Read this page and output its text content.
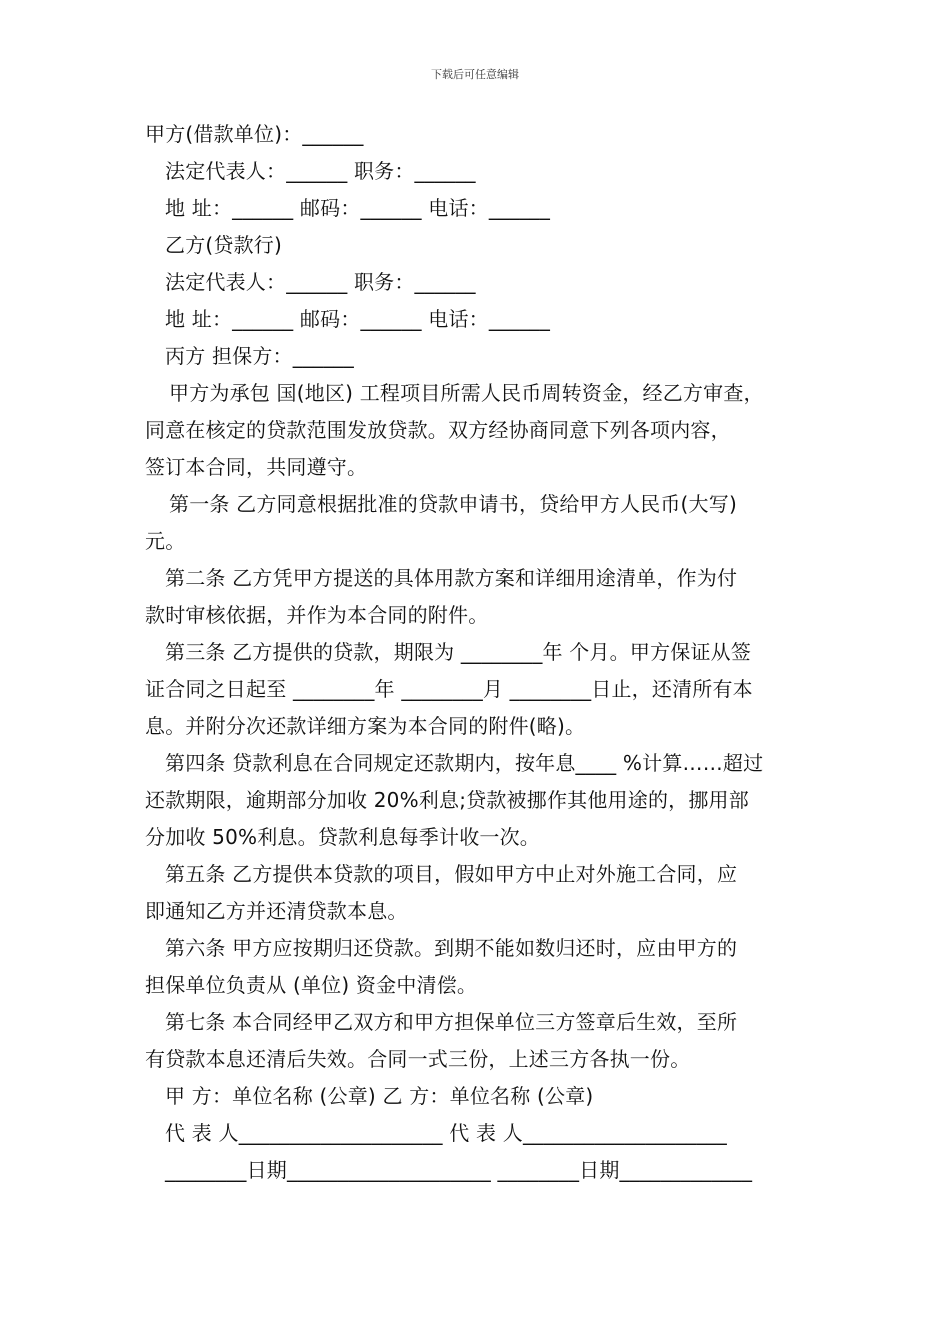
下载后可任意编辑
甲方(借款单位)：______
法定代表人：______ 职务：______
地 址：______ 邮码：______ 电话：______
乙方(贷款行)
法定代表人：______ 职务：______
地 址：______ 邮码：______ 电话：______
丙方 担保方：______
甲方为承包 国(地区) 工程项目所需人民币周转资金，经乙方审查，
同意在核定的贷款范围发放贷款。双方经协商同意下列各项内容，
签订本合同，共同遵守。
第一条 乙方同意根据批准的贷款申请书，贷给甲方人民币(大写)
元。
第二条 乙方凭甲方提送的具体用款方案和详细用途清单，作为付
款时审核依据，并作为本合同的附件。
第三条 乙方提供的贷款，期限为 ________年 个月。甲方保证从签
证合同之日起至 ________年 ________月 ________日止，还清所有本
息。并附分次还款详细方案为本合同的附件(略)。
第四条 贷款利息在合同规定还款期内，按年息____ %计算……超过
还款期限，逾期部分加收 20%利息;贷款被挪作其他用途的，挪用部
分加收 50%利息。贷款利息每季计收一次。
第五条 乙方提供本贷款的项目，假如甲方中止对外施工合同，应
即通知乙方并还清贷款本息。
第六条 甲方应按期归还贷款。到期不能如数归还时，应由甲方的
担保单位负责从 (单位) 资金中清偿。
第七条 本合同经甲乙双方和甲方担保单位三方签章后生效，至所
有贷款本息还清后失效。合同一式三份，上述三方各执一份。
甲 方：单位名称 (公章) 乙 方：单位名称 (公章)
代 表 人____________________ 代 表 人____________________
________日期____________________ ________日期_____________
